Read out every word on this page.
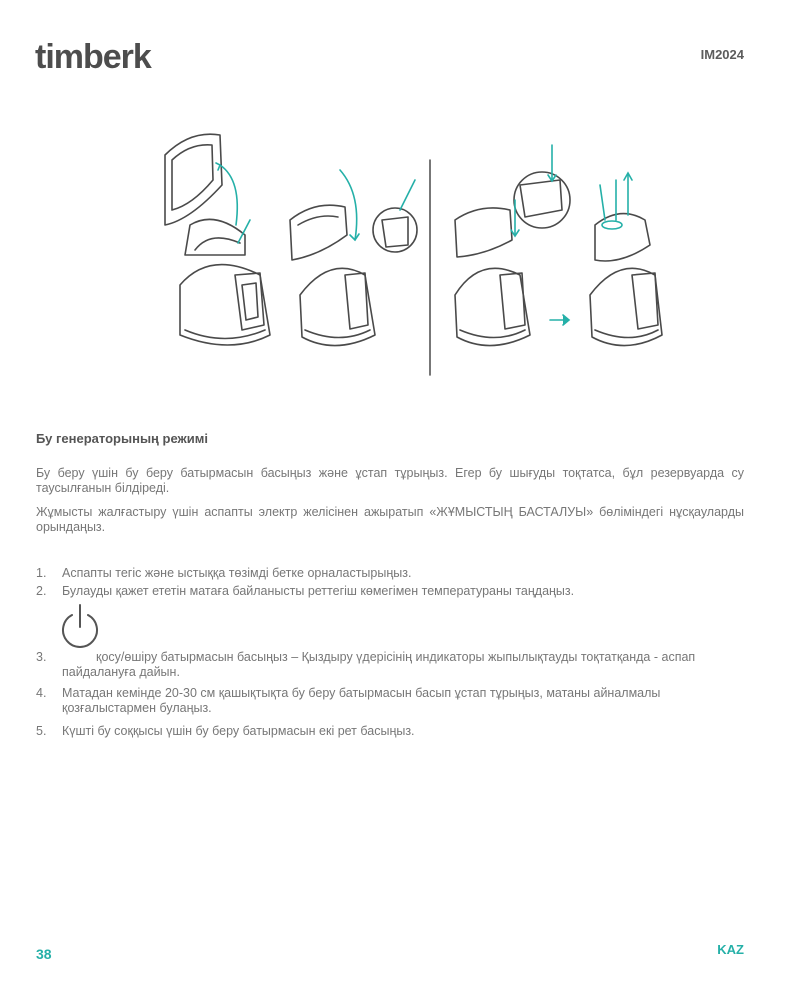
timberk	IM2024
Бу генераторының режимі
Бу беру үшін бу беру батырмасын басыңыз және ұстап тұрыңыз. Егер бу шығуды тоқтатса, бұл резервуарда су таусылғанын білдіреді.
Жұмысты жалғастыру үшін аспапты электр желісінен ажыратып «ЖҰМЫСТЫҢ БАСТАЛУЫ» бөліміндегі нұсқауларды орындаңыз.
1.	Аспапты тегіс және ыстыққа төзімді бетке орналастырыңыз.
2.	Булауды қажет ететін матаға байланысты реттегіш көмегімен температураны таңдаңыз.
3.	қосу/өшіру батырмасын басыңыз – Қыздыру үдерісінің индикаторы жыпылықтауды тоқтатқанда - аспап пайдалануға дайын.
4.	Матадан кемінде 20-30 см қашықтықта бу беру батырмасын басып ұстап тұрыңыз, матаны айналмалы қозғалыстармен булаңыз.
5.	Күшті бу соққысы үшін бу беру батырмасын екі рет басыңыз.
38	KAZ
